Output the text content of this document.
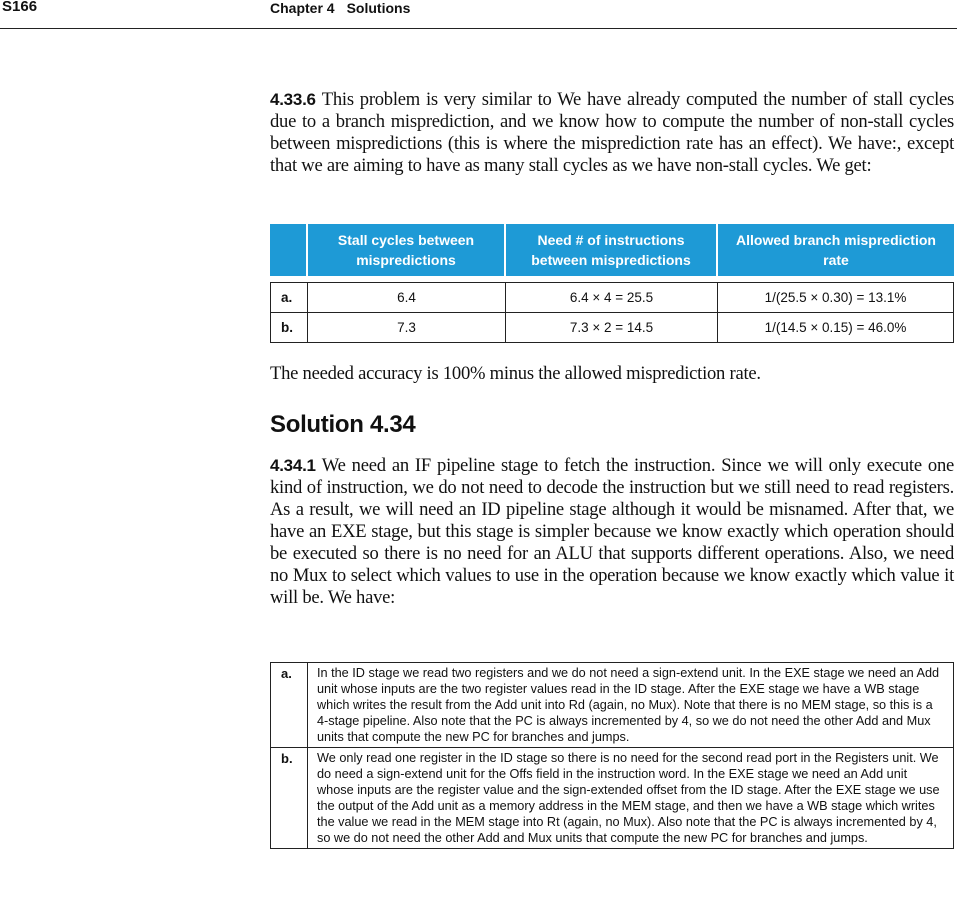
S166	Chapter 4 Solutions
4.33.6 This problem is very similar to We have already computed the number of stall cycles due to a branch misprediction, and we know how to compute the number of non-stall cycles between mispredictions (this is where the misprediction rate has an effect). We have:, except that we are aiming to have as many stall cycles as we have non-stall cycles. We get:
	Stall cycles between mispredictions	Need # of instructions between mispredictions	Allowed branch misprediction rate

a.	6.4	6.4 × 4 = 25.5	1/(25.5 × 0.30) = 13.1%
b.	7.3	7.3 × 2 = 14.5	1/(14.5 × 0.15) = 46.0%
The needed accuracy is 100% minus the allowed misprediction rate.
Solution 4.34
4.34.1 We need an IF pipeline stage to fetch the instruction. Since we will only execute one kind of instruction, we do not need to decode the instruction but we still need to read registers. As a result, we will need an ID pipeline stage although it would be misnamed. After that, we have an EXE stage, but this stage is simpler because we know exactly which operation should be executed so there is no need for an ALU that supports different operations. Also, we need no Mux to select which values to use in the operation because we know exactly which value it will be. We have:
a.	In the ID stage we read two registers and we do not need a sign-extend unit. In the EXE stage we need an Add unit whose inputs are the two register values read in the ID stage. After the EXE stage we have a WB stage which writes the result from the Add unit into Rd (again, no Mux). Note that there is no MEM stage, so this is a 4-stage pipeline. Also note that the PC is always incremented by 4, so we do not need the other Add and Mux units that compute the new PC for branches and jumps.
b.	We only read one register in the ID stage so there is no need for the second read port in the Registers unit. We do need a sign-extend unit for the Offs field in the instruction word. In the EXE stage we need an Add unit whose inputs are the register value and the sign-extended offset from the ID stage. After the EXE stage we use the output of the Add unit as a memory address in the MEM stage, and then we have a WB stage which writes the value we read in the MEM stage into Rt (again, no Mux). Also note that the PC is always incremented by 4, so we do not need the other Add and Mux units that compute the new PC for branches and jumps.
